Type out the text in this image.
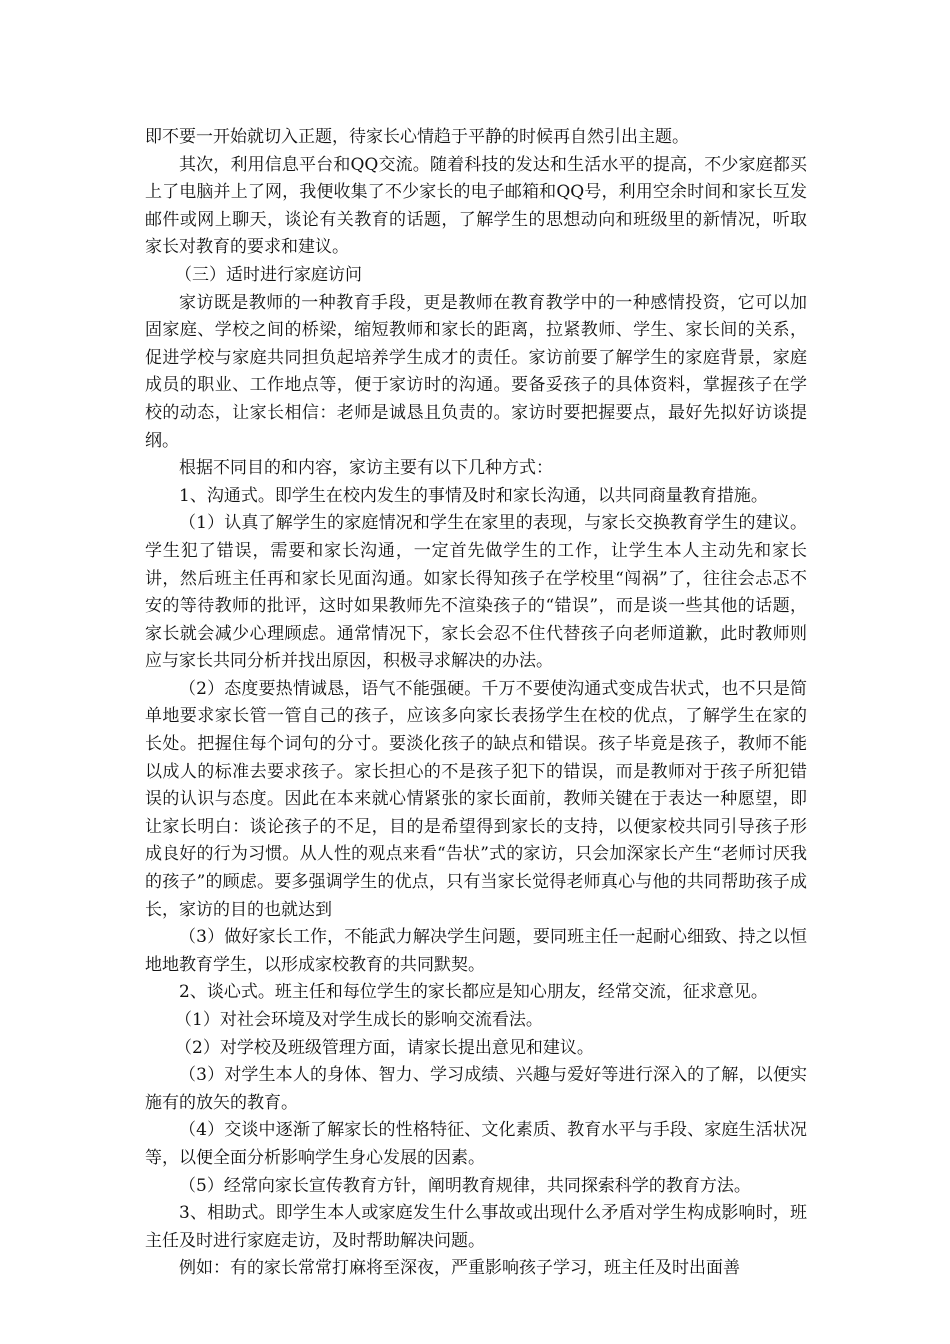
即不要一开始就切入正题，待家长心情趋于平静的时候再自然引出主题。

其次，利用信息平台和QQ交流。随着科技的发达和生活水平的提高，不少家庭都买上了电脑并上了网，我便收集了不少家长的电子邮箱和QQ号，利用空余时间和家长互发邮件或网上聊天，谈论有关教育的话题，了解学生的思想动向和班级里的新情况，听取家长对教育的要求和建议。

（三）适时进行家庭访问

家访既是教师的一种教育手段，更是教师在教育教学中的一种感情投资，它可以加固家庭、学校之间的桥梁，缩短教师和家长的距离，拉紧教师、学生、家长间的关系，促进学校与家庭共同担负起培养学生成才的责任。家访前要了解学生的家庭背景，家庭成员的职业、工作地点等，便于家访时的沟通。要备妥孩子的具体资料，掌握孩子在学校的动态，让家长相信：老师是诚恳且负责的。家访时要把握要点，最好先拟好访谈提纲。

根据不同目的和内容，家访主要有以下几种方式：

1、沟通式。即学生在校内发生的事情及时和家长沟通，以共同商量教育措施。

（1）认真了解学生的家庭情况和学生在家里的表现，与家长交换教育学生的建议。学生犯了错误，需要和家长沟通，一定首先做学生的工作，让学生本人主动先和家长讲，然后班主任再和家长见面沟通。如家长得知孩子在学校里“闯祸”了，往往会忐忑不安的等待教师的批评，这时如果教师先不渲染孩子的“错误”，而是谈一些其他的话题，家长就会减少心理顾虑。通常情况下，家长会忍不住代替孩子向老师道歉，此时教师则应与家长共同分析并找出原因，积极寻求解决的办法。

（2）态度要热情诚恳，语气不能强硬。千万不要使沟通式变成告状式，也不只是简单地要求家长管一管自己的孩子，应该多向家长表扬学生在校的优点，了解学生在家的长处。把握住每个词句的分寸。要淡化孩子的缺点和错误。孩子毕竟是孩子，教师不能以成人的标准去要求孩子。家长担心的不是孩子犯下的错误，而是教师对于孩子所犯错误的认识与态度。因此在本来就心情紧张的家长面前，教师关键在于表达一种愿望，即让家长明白：谈论孩子的不足，目的是希望得到家长的支持，以便家校共同引导孩子形成良好的行为习惯。从人性的观点来看“告状”式的家访，只会加深家长产生“老师讨厌我的孩子”的顾虑。要多强调学生的优点，只有当家长觉得老师真心与他的共同帮助孩子成长，家访的目的也就达到

（3）做好家长工作，不能武力解决学生问题，要同班主任一起耐心细致、持之以恒地地教育学生，以形成家校教育的共同默契。

2、谈心式。班主任和每位学生的家长都应是知心朋友，经常交流，征求意见。

（1）对社会环境及对学生成长的影响交流看法。

（2）对学校及班级管理方面，请家长提出意见和建议。

（3）对学生本人的身体、智力、学习成绩、兴趣与爱好等进行深入的了解，以便实施有的放矢的教育。

（4）交谈中逐渐了解家长的性格特征、文化素质、教育水平与手段、家庭生活状况等，以便全面分析影响学生身心发展的因素。

（5）经常向家长宣传教育方针，阐明教育规律，共同探索科学的教育方法。

3、相助式。即学生本人或家庭发生什么事故或出现什么矛盾对学生构成影响时，班主任及时进行家庭走访，及时帮助解决问题。

例如：有的家长常常打麻将至深夜，严重影响孩子学习，班主任及时出面善
